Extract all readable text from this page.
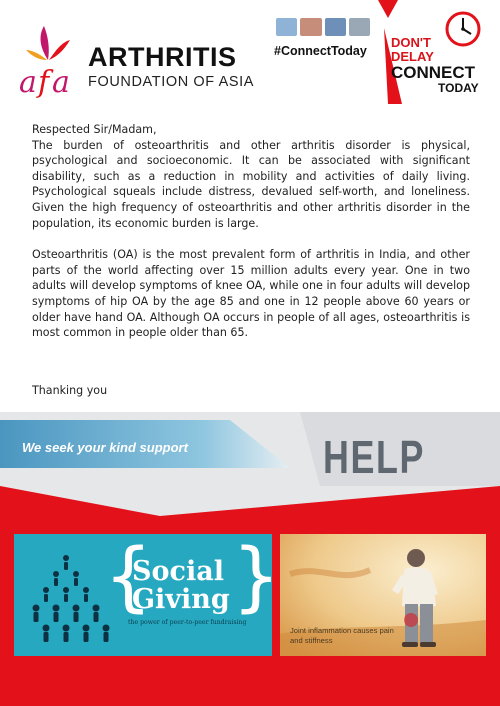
a f a
ARTHRITIS
FOUNDATION OF ASIA
#ConnectToday
DON'T
DELAY
CONNECT
TODAY
Respected Sir/Madam,

The burden of osteoarthritis and other arthritis disorder is physical, psychological and socioeconomic. It can be associated with significant disability, such as a reduction in mobility and activities of daily living. Psychological squeals include distress, devalued self-worth, and loneliness. Given the high frequency of osteoarthritis and other arthritis disorder in the population, its economic burden is large.

Osteoarthritis (OA) is the most prevalent form of arthritis in India, and other parts of the world affecting over 15 million adults every year. One in two adults will develop symptoms of knee OA, while one in four adults will develop symptoms of hip OA by the age 85 and one in 12 people above 60 years or older have hand OA. Although OA occurs in people of all ages, osteoarthritis is most common in people older than 65.

Thanking you
We seek your kind support	HELP
{ }
Social
Giving
the power of peer-to-peer fundraising
Joint inflammation causes pain and stiffness
